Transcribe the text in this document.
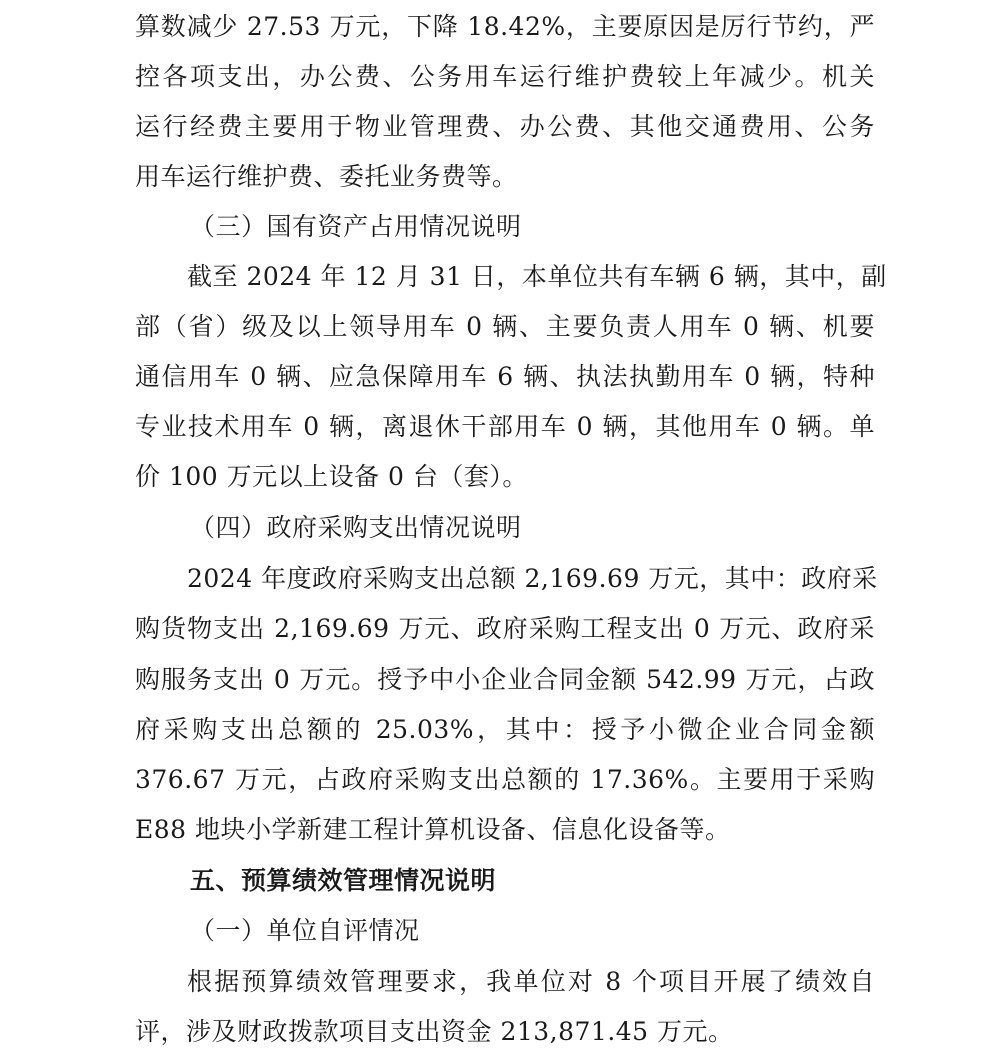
算数减少 27.53 万元，下降 18.42%，主要原因是厉行节约，严
控各项支出，办公费、公务用车运行维护费较上年减少。机关
运行经费主要用于物业管理费、办公费、其他交通费用、公务
用车运行维护费、委托业务费等。
（三）国有资产占用情况说明
截至 2024 年 12 月 31 日，本单位共有车辆 6 辆，其中，副
部（省）级及以上领导用车 0 辆、主要负责人用车 0 辆、机要
通信用车 0 辆、应急保障用车 6 辆、执法执勤用车 0 辆，特种
专业技术用车 0 辆，离退休干部用车 0 辆，其他用车 0 辆。单
价 100 万元以上设备 0 台（套）。
（四）政府采购支出情况说明
2024 年度政府采购支出总额 2,169.69 万元，其中：政府采
购货物支出 2,169.69 万元、政府采购工程支出 0 万元、政府采
购服务支出 0 万元。授予中小企业合同金额 542.99 万元，占政
府采购支出总额的 25.03%，其中：授予小微企业合同金额
376.67 万元，占政府采购支出总额的 17.36%。主要用于采购
E88 地块小学新建工程计算机设备、信息化设备等。
五、预算绩效管理情况说明
（一）单位自评情况
根据预算绩效管理要求，我单位对 8 个项目开展了绩效自
评，涉及财政拨款项目支出资金 213,871.45 万元。
